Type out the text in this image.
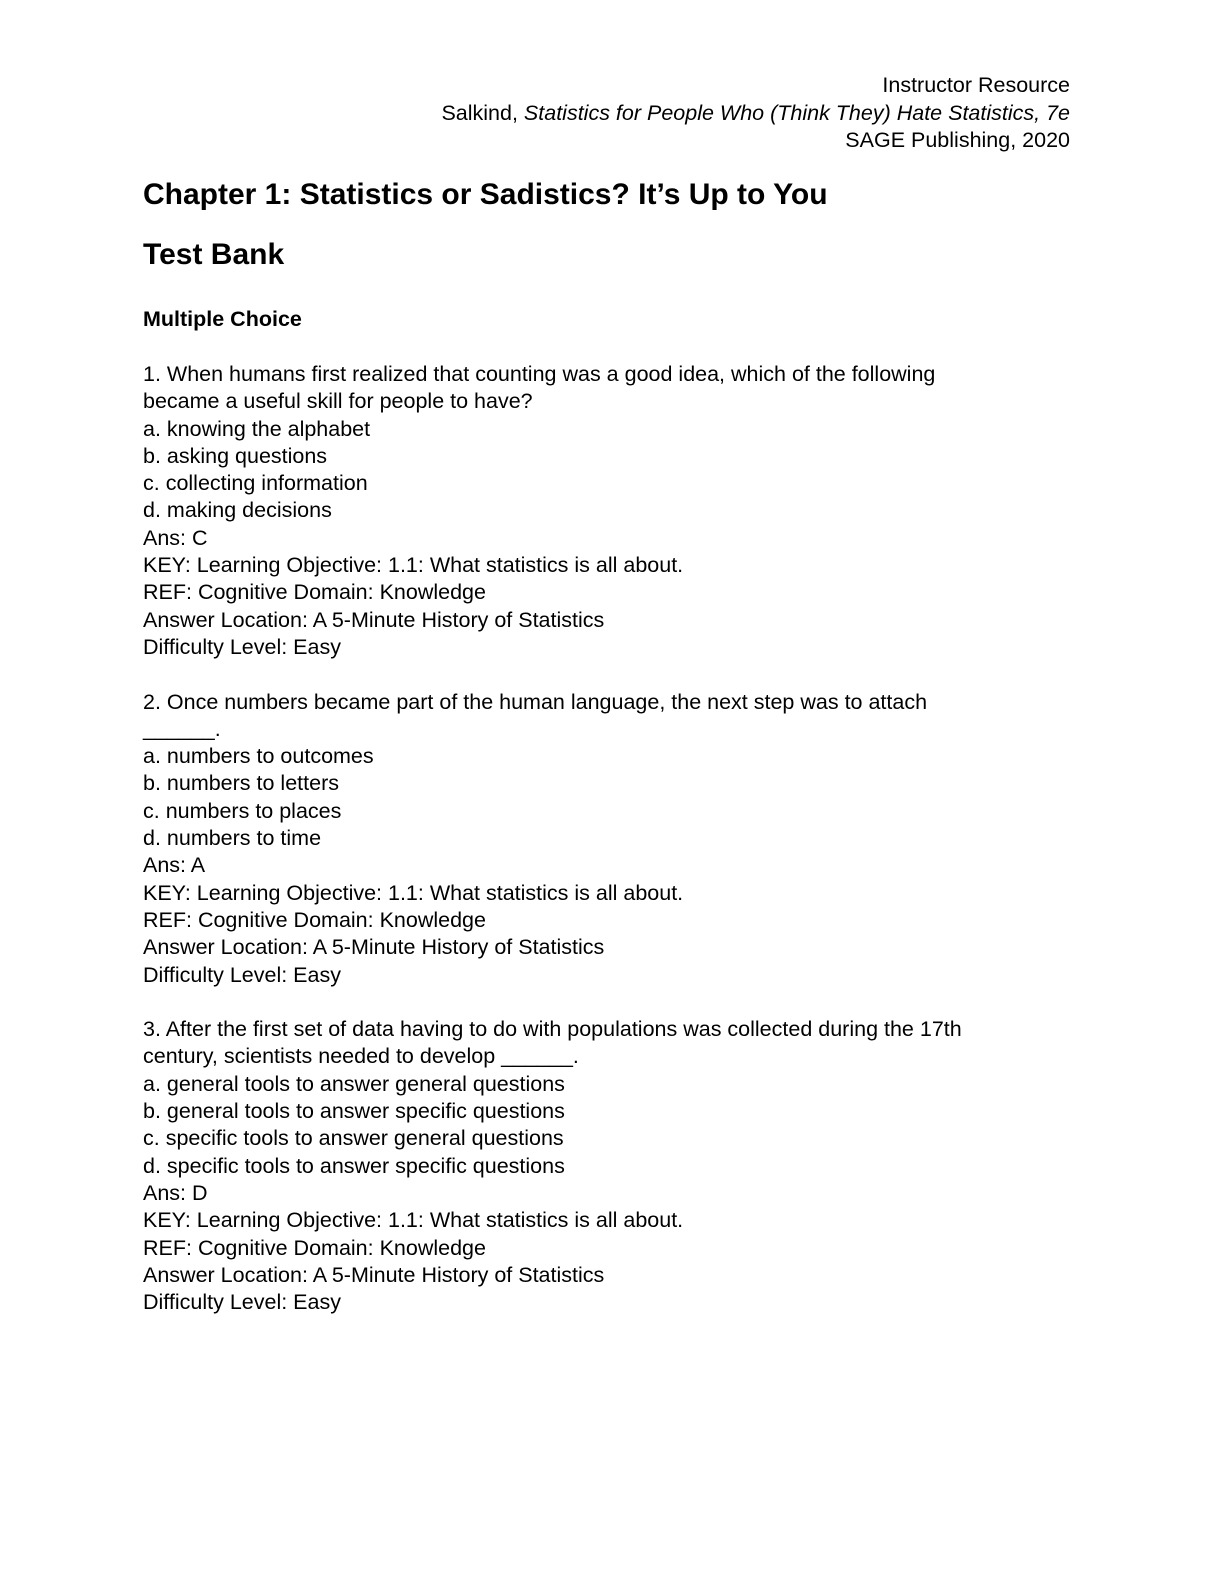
Instructor Resource
Salkind, Statistics for People Who (Think They) Hate Statistics, 7e
SAGE Publishing, 2020
Chapter 1: Statistics or Sadistics? It’s Up to You
Test Bank
Multiple Choice
1. When humans first realized that counting was a good idea, which of the following
became a useful skill for people to have?
a. knowing the alphabet
b. asking questions
c. collecting information
d. making decisions
Ans: C
KEY: Learning Objective: 1.1: What statistics is all about.
REF: Cognitive Domain: Knowledge
Answer Location: A 5-Minute History of Statistics
Difficulty Level: Easy
2. Once numbers became part of the human language, the next step was to attach
______.
a. numbers to outcomes
b. numbers to letters
c. numbers to places
d. numbers to time
Ans: A
KEY: Learning Objective: 1.1: What statistics is all about.
REF: Cognitive Domain: Knowledge
Answer Location: A 5-Minute History of Statistics
Difficulty Level: Easy
3. After the first set of data having to do with populations was collected during the 17th
century, scientists needed to develop ______.
a. general tools to answer general questions
b. general tools to answer specific questions
c. specific tools to answer general questions
d. specific tools to answer specific questions
Ans: D
KEY: Learning Objective: 1.1: What statistics is all about.
REF: Cognitive Domain: Knowledge
Answer Location: A 5-Minute History of Statistics
Difficulty Level: Easy
